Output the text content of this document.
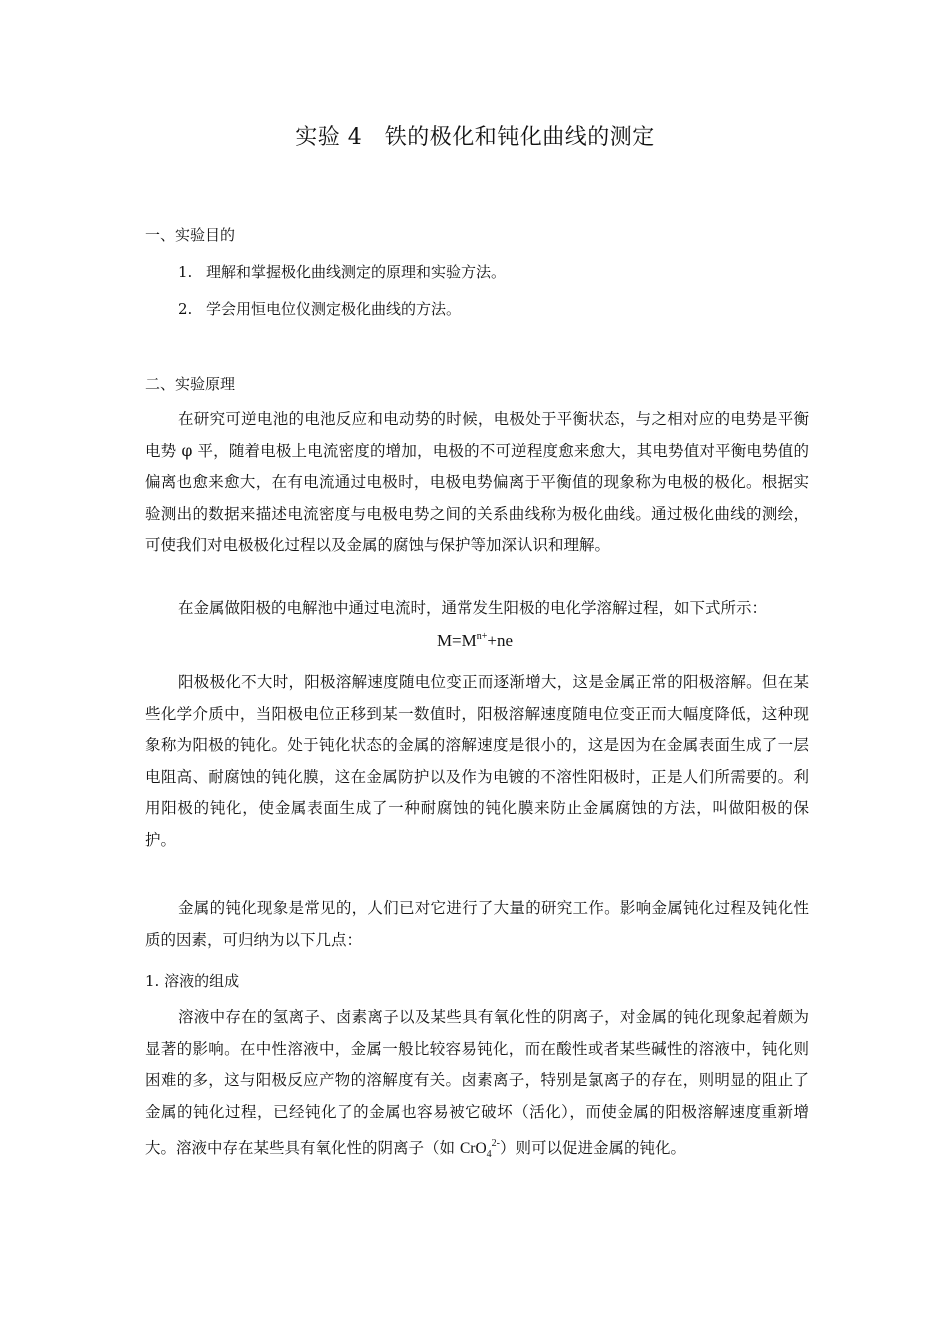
实验 4　铁的极化和钝化曲线的测定
一、实验目的
1. 理解和掌握极化曲线测定的原理和实验方法。
2. 学会用恒电位仪测定极化曲线的方法。
二、实验原理

在研究可逆电池的电池反应和电动势的时候，电极处于平衡状态，与之相对应的电势是平衡电势 φ 平，随着电极上电流密度的增加，电极的不可逆程度愈来愈大，其电势值对平衡电势值的偏离也愈来愈大，在有电流通过电极时，电极电势偏离于平衡值的现象称为电极的极化。根据实验测出的数据来描述电流密度与电极电势之间的关系曲线称为极化曲线。通过极化曲线的测绘，可使我们对电极极化过程以及金属的腐蚀与保护等加深认识和理解。

在金属做阳极的电解池中通过电流时，通常发生阳极的电化学溶解过程，如下式所示：

$M=M^{n+}+ne$

阳极极化不大时，阳极溶解速度随电位变正而逐渐增大，这是金属正常的阳极溶解。但在某些化学介质中，当阳极电位正移到某一数值时，阳极溶解速度随电位变正而大幅度降低，这种现象称为阳极的钝化。处于钝化状态的金属的溶解速度是很小的，这是因为在金属表面生成了一层电阻高、耐腐蚀的钝化膜，这在金属防护以及作为电镀的不溶性阳极时，正是人们所需要的。利用阳极的钝化，使金属表面生成了一种耐腐蚀的钝化膜来防止金属腐蚀的方法，叫做阳极的保护。

金属的钝化现象是常见的，人们已对它进行了大量的研究工作。影响金属钝化过程及钝化性质的因素，可归纳为以下几点：

1. 溶液的组成

溶液中存在的氢离子、卤素离子以及某些具有氧化性的阴离子，对金属的钝化现象起着颇为显著的影响。在中性溶液中，金属一般比较容易钝化，而在酸性或者某些碱性的溶液中，钝化则困难的多，这与阳极反应产物的溶解度有关。卤素离子，特别是氯离子的存在，则明显的阻止了金属的钝化过程，已经钝化了的金属也容易被它破坏（活化），而使金属的阳极溶解速度重新增大。溶液中存在某些具有氧化性的阴离子（如 CrO$_4^{2-}$）则可以促进金属的钝化。
